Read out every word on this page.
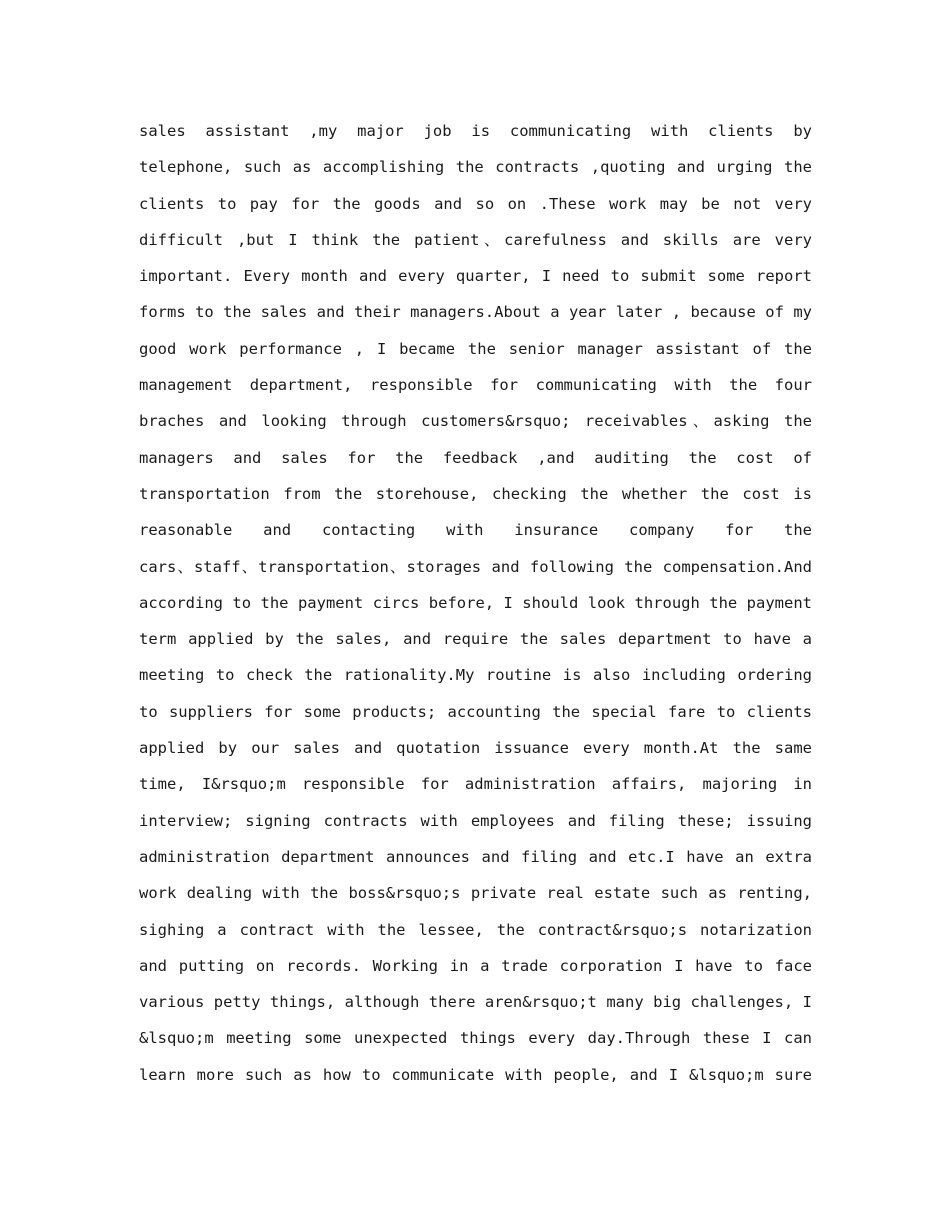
sales assistant ,my major job is communicating with clients by
telephone, such as accomplishing the contracts ,quoting and urging the
clients to pay for the goods and so on .These work may be not very
difficult ,but I think the patient、carefulness and skills are very
important. Every month and every quarter, I need to submit some report
forms to the sales and their managers.About a year later , because of my
good work performance , I became the senior manager assistant of the
management department, responsible for communicating with the four
braches and looking through customers&rsquo; receivables、asking the
managers and sales for the feedback ,and auditing the cost of
transportation from the storehouse, checking the whether the cost is
reasonable and contacting with insurance company for the
cars、staff、transportation、storages and following the compensation.And
according to the payment circs before, I should look through the payment
term applied by the sales, and require the sales department to have a
meeting to check the rationality.My routine is also including ordering
to suppliers for some products; accounting the special fare to clients
applied by our sales and quotation issuance every month.At the same
time, I&rsquo;m responsible for administration affairs, majoring in
interview; signing contracts with employees and filing these; issuing
administration department announces and filing and etc.I have an extra
work dealing with the boss&rsquo;s private real estate such as renting,
sighing a contract with the lessee, the contract&rsquo;s notarization
and putting on records. Working in a trade corporation I have to face
various petty things, although there aren&rsquo;t many big challenges, I
&lsquo;m meeting some unexpected things every day.Through these I can
learn more such as how to communicate with people, and I &lsquo;m sure
